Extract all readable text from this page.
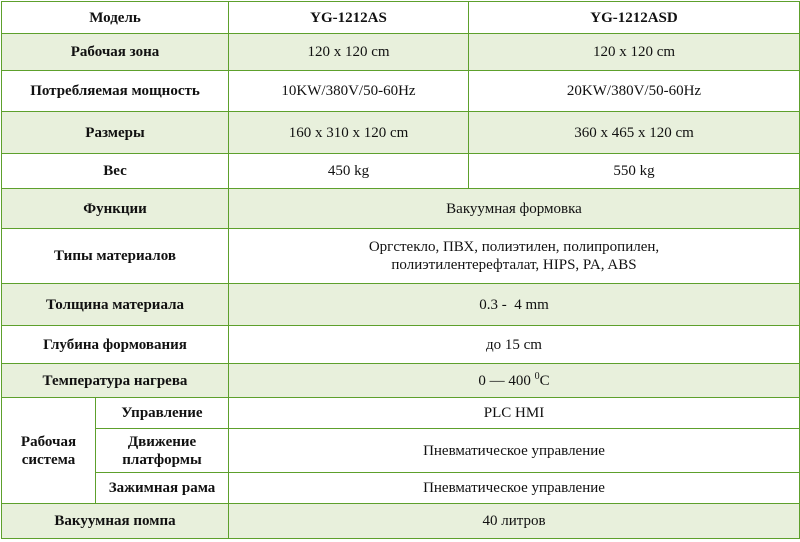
Модель		YG-1212AS	YG-1212ASD
Рабочая зона		120 x 120 cm	120 x 120 cm
Потребляемая мощность		10KW/380V/50-60Hz	20KW/380V/50-60Hz
Размеры		160 x 310 x 120 cm	360 x 465 x 120 cm
Вес		450 kg	550 kg
Функции		Вакуумная формовка	
Типы материалов		Оргстекло, ПВХ, полиэтилен, полипропилен,
полиэтилентерефталат, HIPS, PA, ABS	
Толщина материала		0.3 -  4 mm	
Глубина формования		до 15 cm	
Температура нагрева		0 — 400 $^0$C	
Рабочая
система	Управление	PLC HMI	
	Движение
платформы	Пневматическое управление	
	Зажимная рама	Пневматическое управление	
Вакуумная помпа		40 литров	
